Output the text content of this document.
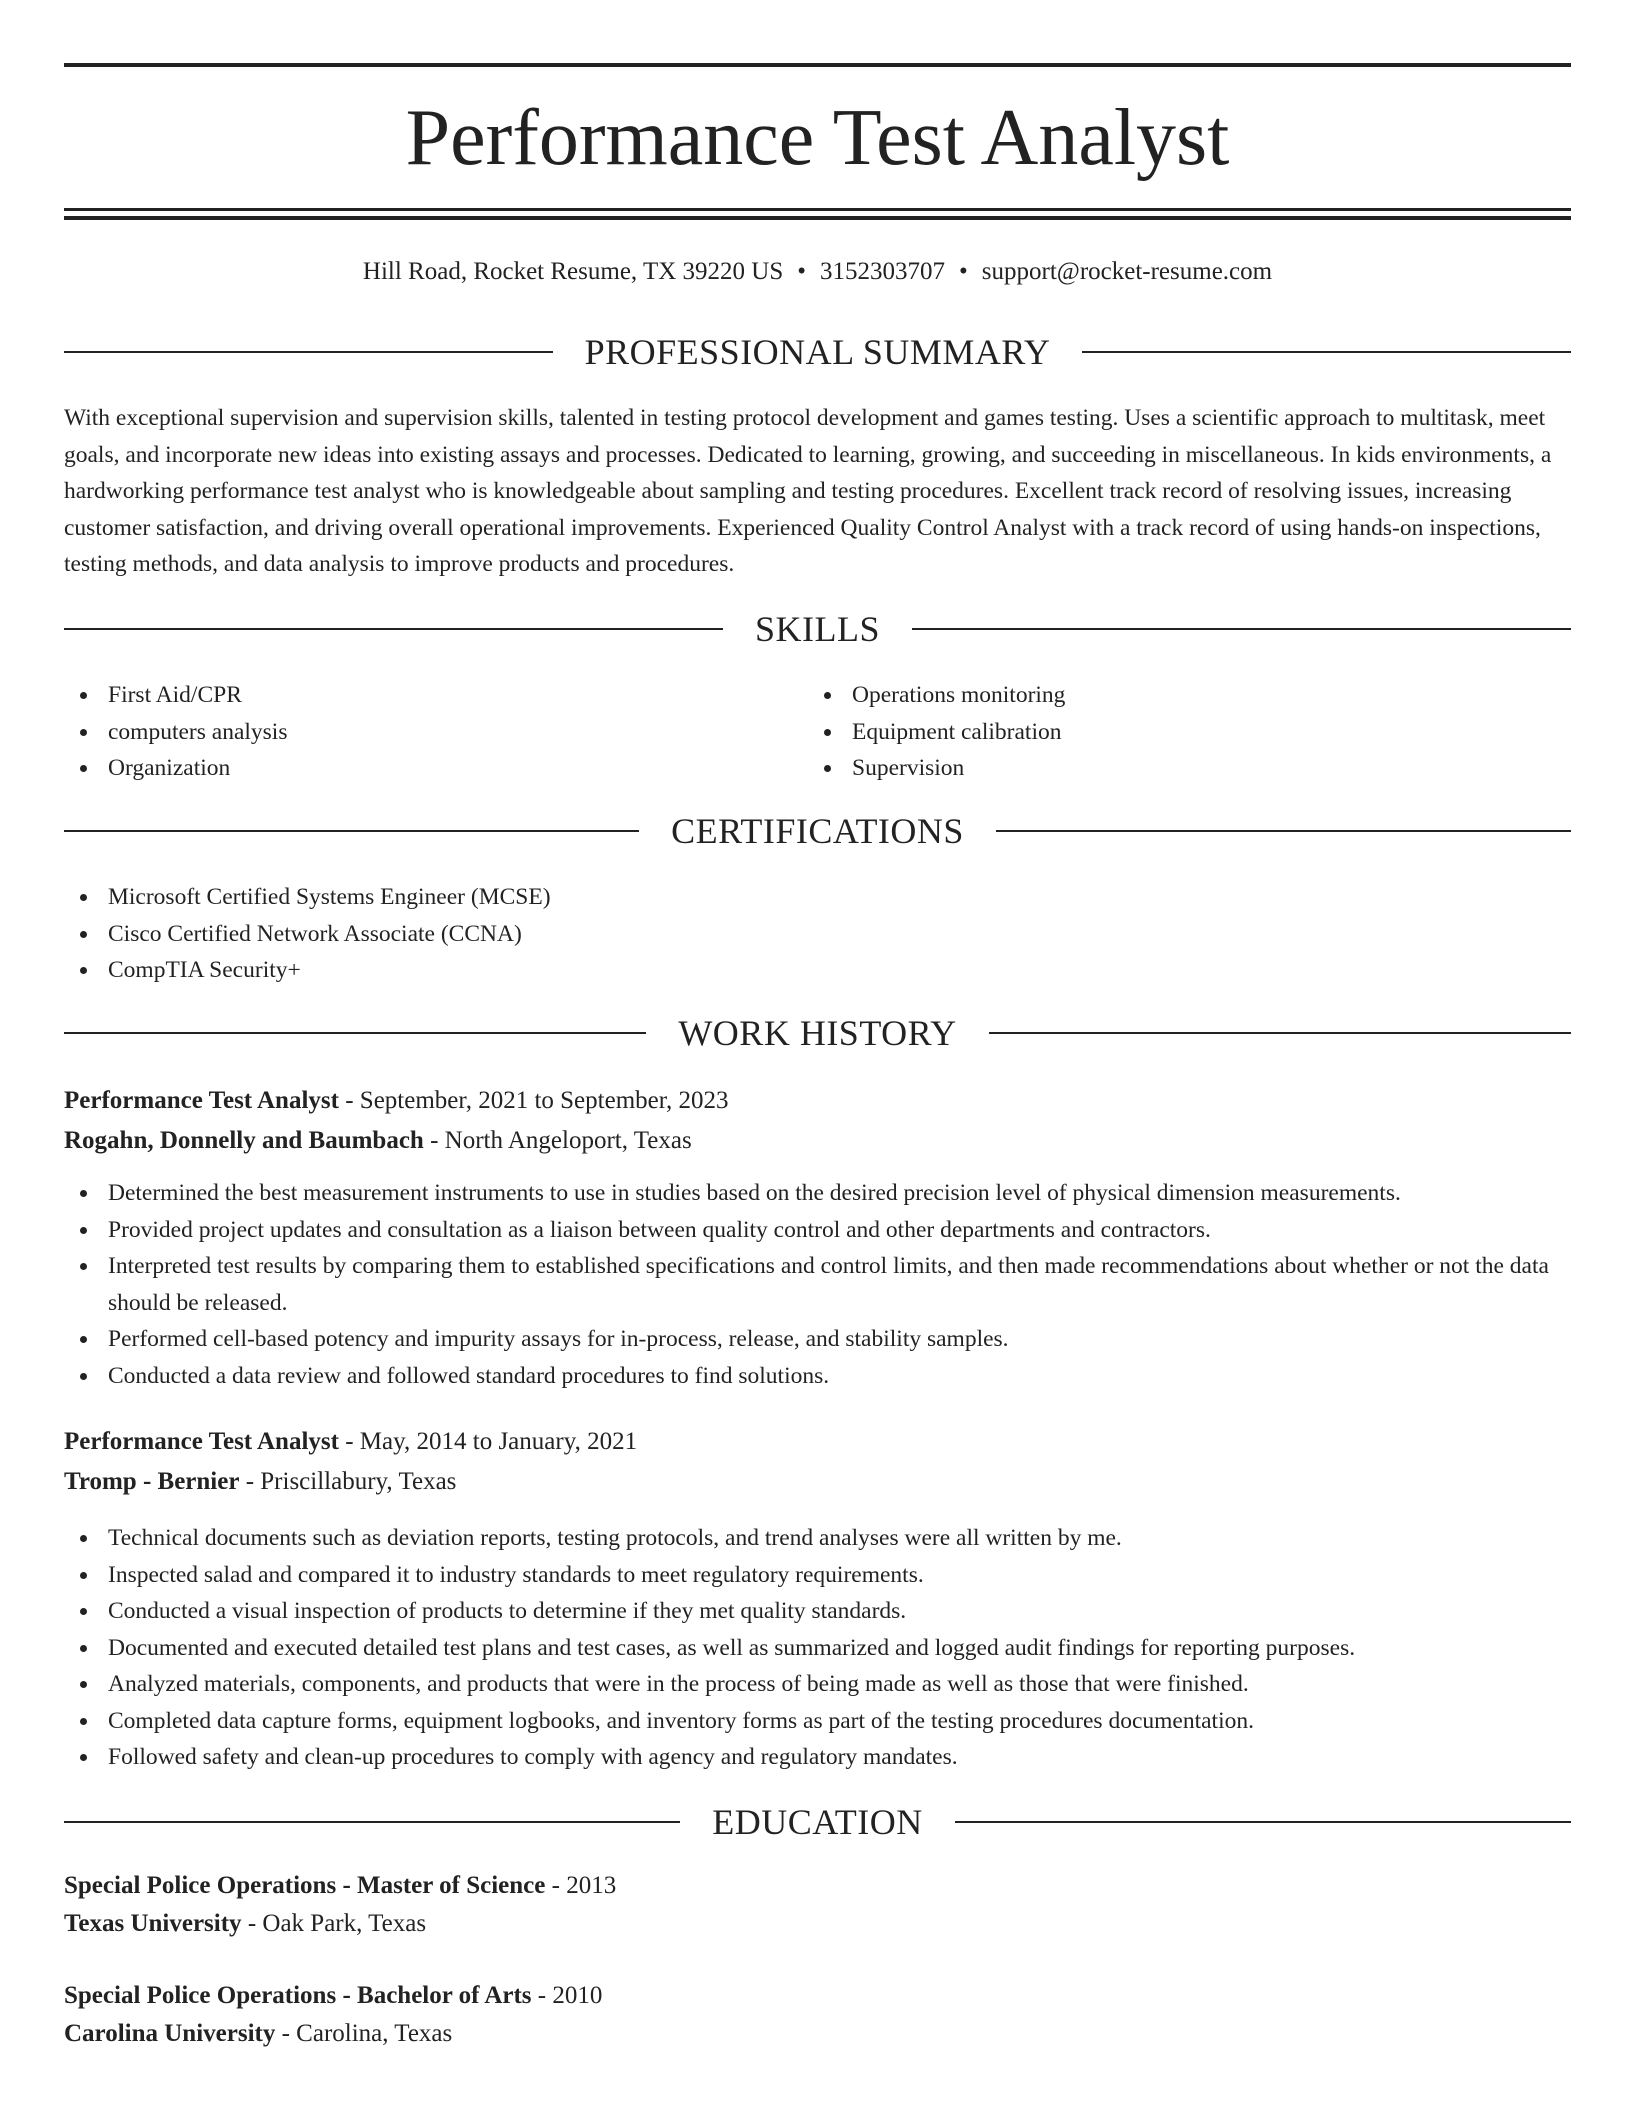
Performance Test Analyst
Hill Road, Rocket Resume, TX 39220 US • 3152303707 • support@rocket-resume.com
PROFESSIONAL SUMMARY
With exceptional supervision and supervision skills, talented in testing protocol development and games testing. Uses a scientific approach to multitask, meet goals, and incorporate new ideas into existing assays and processes. Dedicated to learning, growing, and succeeding in miscellaneous. In kids environments, a hardworking performance test analyst who is knowledgeable about sampling and testing procedures. Excellent track record of resolving issues, increasing customer satisfaction, and driving overall operational improvements. Experienced Quality Control Analyst with a track record of using hands-on inspections, testing methods, and data analysis to improve products and procedures.
SKILLS
First Aid/CPR
computers analysis
Organization
Operations monitoring
Equipment calibration
Supervision
CERTIFICATIONS
Microsoft Certified Systems Engineer (MCSE)
Cisco Certified Network Associate (CCNA)
CompTIA Security+
WORK HISTORY
Performance Test Analyst - September, 2021 to September, 2023
Rogahn, Donnelly and Baumbach - North Angeloport, Texas
Determined the best measurement instruments to use in studies based on the desired precision level of physical dimension measurements.
Provided project updates and consultation as a liaison between quality control and other departments and contractors.
Interpreted test results by comparing them to established specifications and control limits, and then made recommendations about whether or not the data should be released.
Performed cell-based potency and impurity assays for in-process, release, and stability samples.
Conducted a data review and followed standard procedures to find solutions.
Performance Test Analyst - May, 2014 to January, 2021
Tromp - Bernier - Priscillabury, Texas
Technical documents such as deviation reports, testing protocols, and trend analyses were all written by me.
Inspected salad and compared it to industry standards to meet regulatory requirements.
Conducted a visual inspection of products to determine if they met quality standards.
Documented and executed detailed test plans and test cases, as well as summarized and logged audit findings for reporting purposes.
Analyzed materials, components, and products that were in the process of being made as well as those that were finished.
Completed data capture forms, equipment logbooks, and inventory forms as part of the testing procedures documentation.
Followed safety and clean-up procedures to comply with agency and regulatory mandates.
EDUCATION
Special Police Operations - Master of Science - 2013
Texas University - Oak Park, Texas
Special Police Operations - Bachelor of Arts - 2010
Carolina University - Carolina, Texas
